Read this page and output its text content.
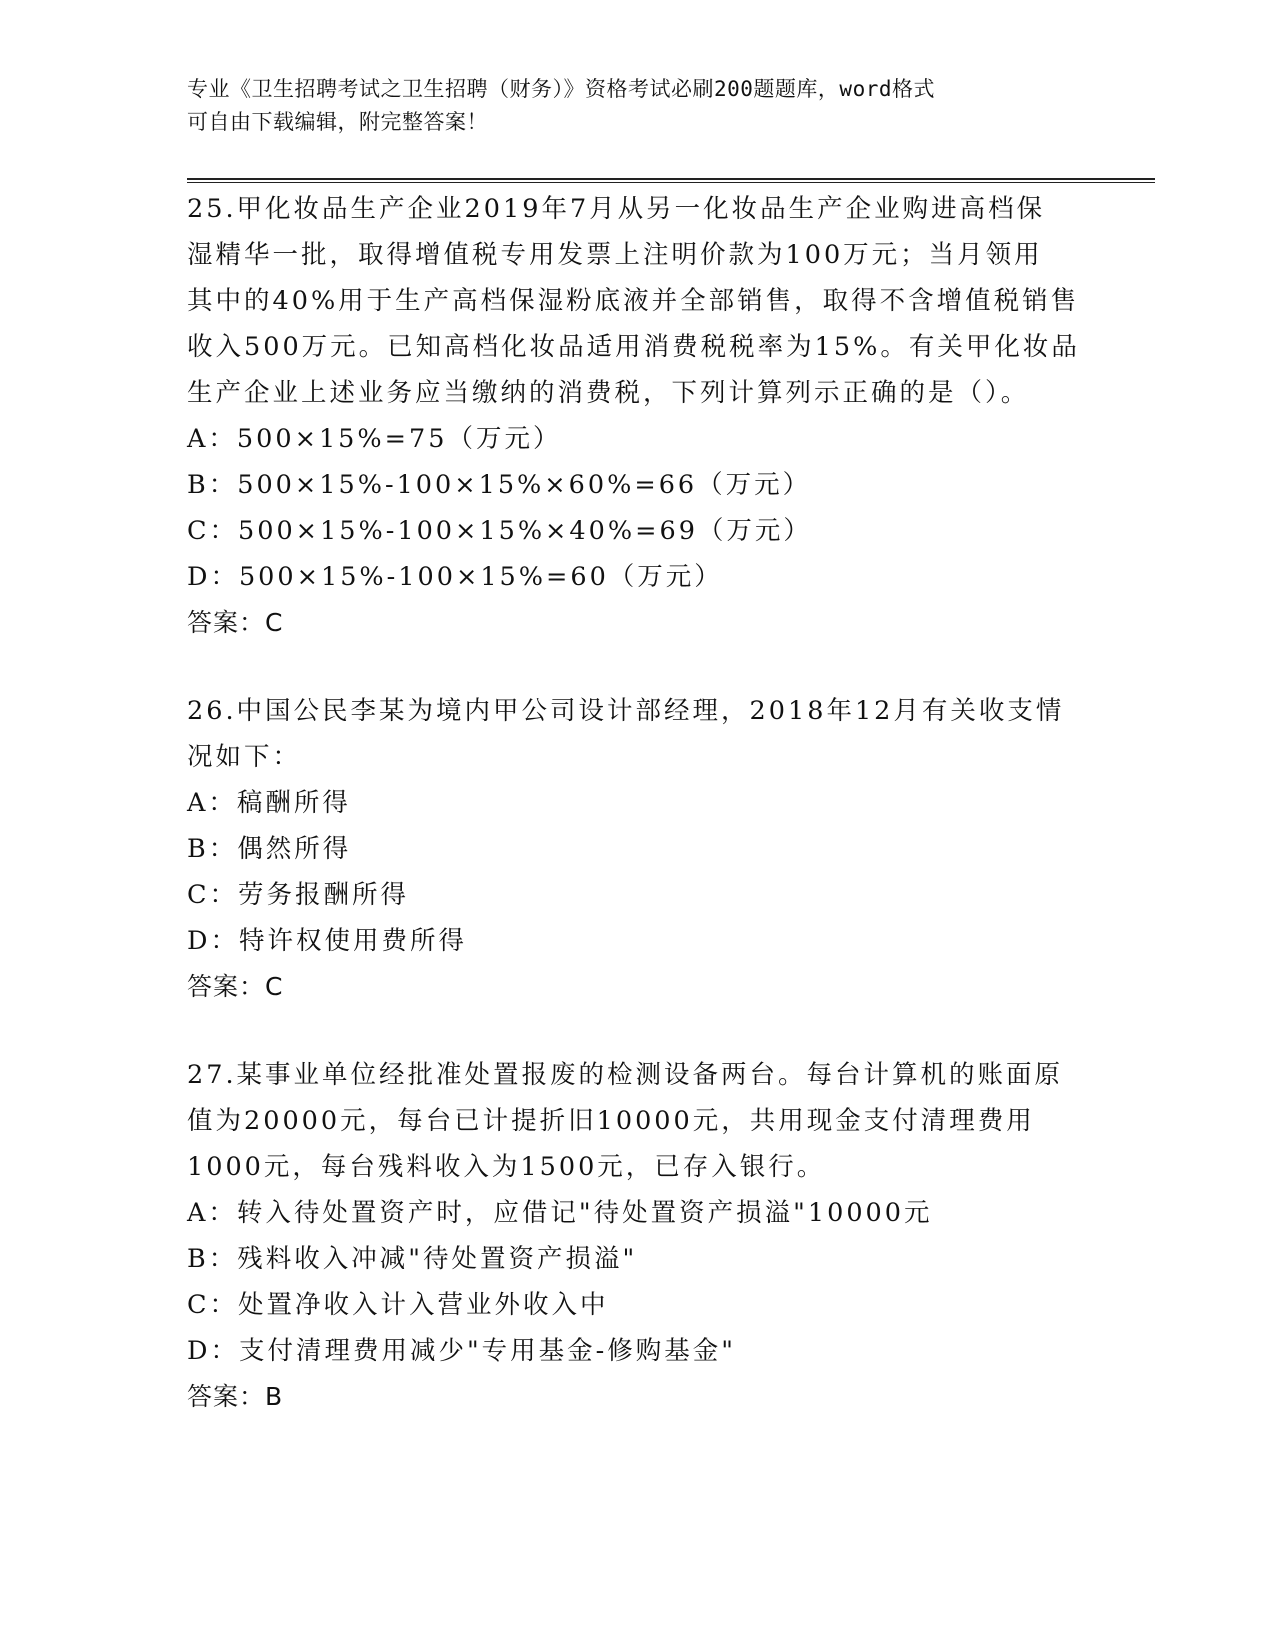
专业《卫生招聘考试之卫生招聘（财务）》资格考试必刷200题题库，word格式
可自由下载编辑，附完整答案！
25.甲化妆品生产企业2019年7月从另一化妆品生产企业购进高档保
湿精华一批，取得增值税专用发票上注明价款为100万元；当月领用
其中的40%用于生产高档保湿粉底液并全部销售，取得不含增值税销售
收入500万元。已知高档化妆品适用消费税税率为15%。有关甲化妆品
生产企业上述业务应当缴纳的消费税，下列计算列示正确的是（）。
A：500×15%=75（万元）
B：500×15%-100×15%×60%=66（万元）
C：500×15%-100×15%×40%=69（万元）
D：500×15%-100×15%=60（万元）
答案：C
26.中国公民李某为境内甲公司设计部经理，2018年12月有关收支情
况如下：
A：稿酬所得
B：偶然所得
C：劳务报酬所得
D：特许权使用费所得
答案：C
27.某事业单位经批准处置报废的检测设备两台。每台计算机的账面原
值为20000元，每台已计提折旧10000元，共用现金支付清理费用
1000元，每台残料收入为1500元，已存入银行。
A：转入待处置资产时，应借记"待处置资产损溢"10000元
B：残料收入冲减"待处置资产损溢"
C：处置净收入计入营业外收入中
D：支付清理费用减少"专用基金-修购基金"
答案：B
